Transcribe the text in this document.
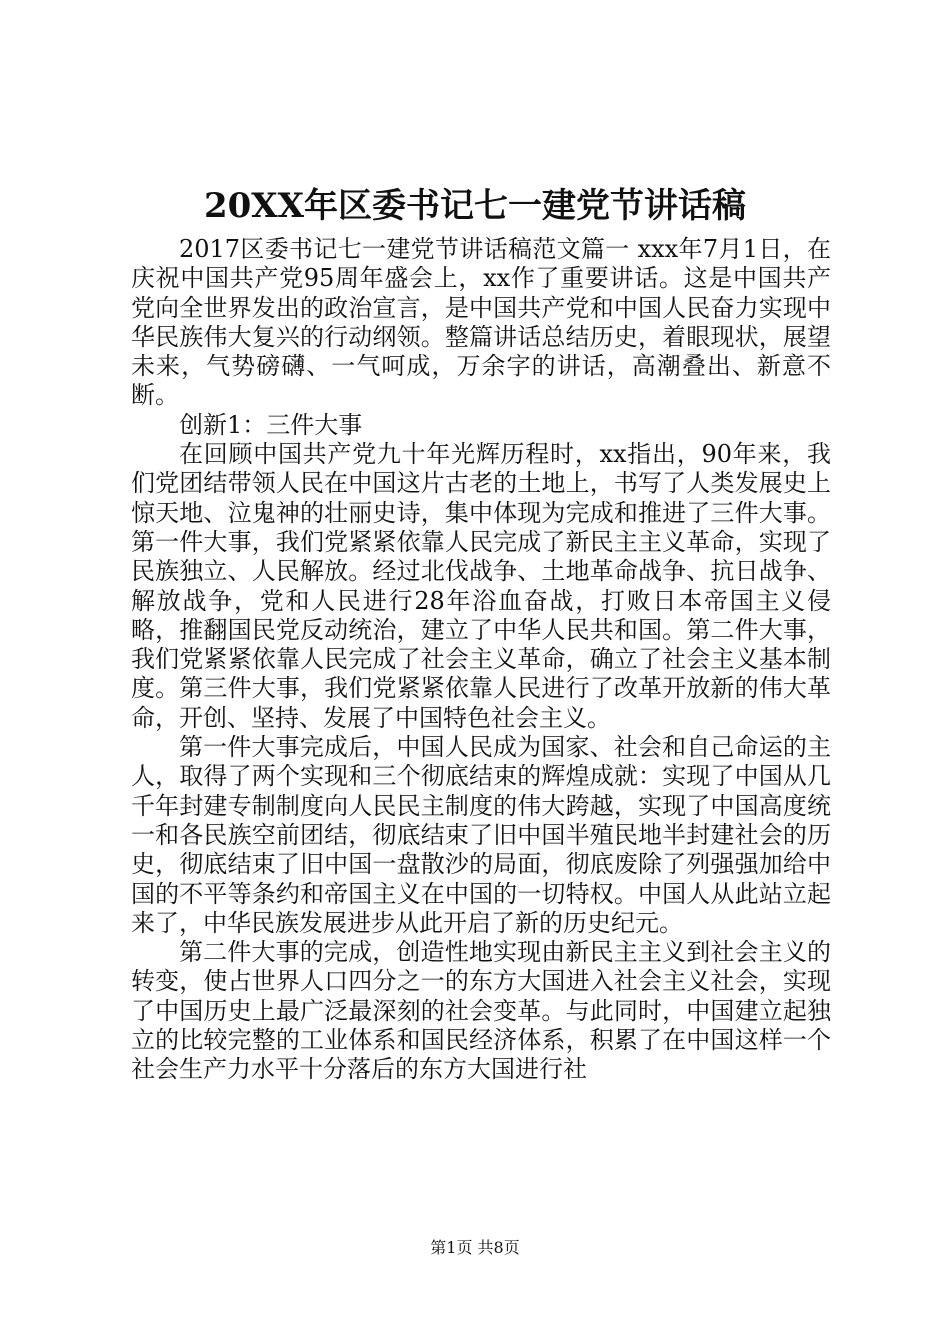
20XX年区委书记七一建党节讲话稿

2017区委书记七一建党节讲话稿范文篇一 xxx年7月1日，在庆祝中国共产党95周年盛会上，xx作了重要讲话。这是中国共产党向全世界发出的政治宣言，是中国共产党和中国人民奋力实现中华民族伟大复兴的行动纲领。整篇讲话总结历史，着眼现状，展望未来，气势磅礴、一气呵成，万余字的讲话，高潮叠出、新意不断。

创新1：三件大事

在回顾中国共产党九十年光辉历程时，xx指出，90年来，我们党团结带领人民在中国这片古老的土地上，书写了人类发展史上惊天地、泣鬼神的壮丽史诗，集中体现为完成和推进了三件大事。第一件大事，我们党紧紧依靠人民完成了新民主主义革命，实现了民族独立、人民解放。经过北伐战争、土地革命战争、抗日战争、解放战争，党和人民进行28年浴血奋战，打败日本帝国主义侵略，推翻国民党反动统治，建立了中华人民共和国。第二件大事，我们党紧紧依靠人民完成了社会主义革命，确立了社会主义基本制度。第三件大事，我们党紧紧依靠人民进行了改革开放新的伟大革命，开创、坚持、发展了中国特色社会主义。

第一件大事完成后，中国人民成为国家、社会和自己命运的主人，取得了两个实现和三个彻底结束的辉煌成就：实现了中国从几千年封建专制制度向人民民主制度的伟大跨越，实现了中国高度统一和各民族空前团结，彻底结束了旧中国半殖民地半封建社会的历史，彻底结束了旧中国一盘散沙的局面，彻底废除了列强强加给中国的不平等条约和帝国主义在中国的一切特权。中国人从此站立起来了，中华民族发展进步从此开启了新的历史纪元。

第二件大事的完成，创造性地实现由新民主主义到社会主义的转变，使占世界人口四分之一的东方大国进入社会主义社会，实现了中国历史上最广泛最深刻的社会变革。与此同时，中国建立起独立的比较完整的工业体系和国民经济体系，积累了在中国这样一个社会生产力水平十分落后的东方大国进行社

第1页 共8页
